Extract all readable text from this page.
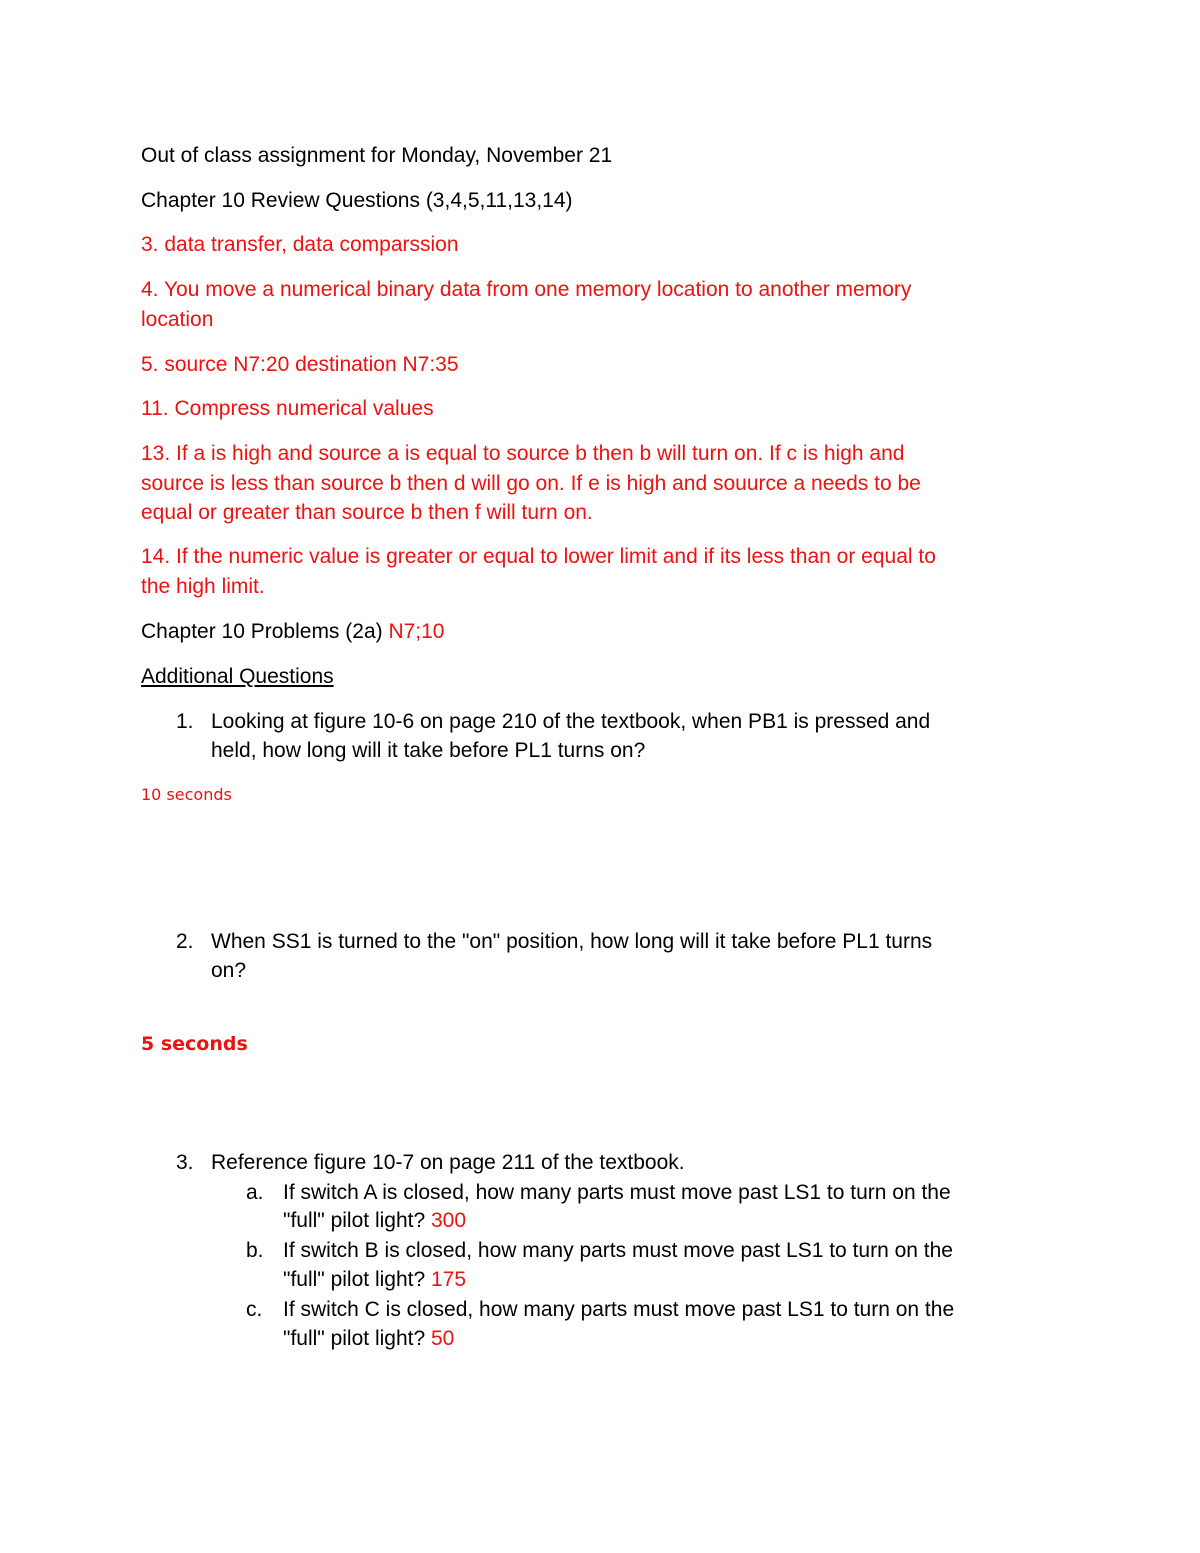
Out of class assignment for Monday, November 21
Chapter 10 Review Questions (3,4,5,11,13,14)
3. data transfer, data comparssion
4. You move a numerical binary data from one memory location to another memory
location
5. source N7:20 destination N7:35
11. Compress numerical values
13. If a is high and source a is equal to source b then b will turn on. If c is high and
source is less than source b then d will go on. If e is high and souurce a needs to be
equal or greater than source b then f will turn on.
14. If the numeric value is greater or equal to lower limit and if its less than or equal to
the high limit.
Chapter 10 Problems (2a) N7;10
Additional Questions
1. Looking at figure 10-6 on page 210 of the textbook, when PB1 is pressed and
held, how long will it take before PL1 turns on?
10 seconds
2. When SS1 is turned to the "on" position, how long will it take before PL1 turns
on?
5 seconds
3. Reference figure 10-7 on page 211 of the textbook.
a. If switch A is closed, how many parts must move past LS1 to turn on the
"full" pilot light? 300
b. If switch B is closed, how many parts must move past LS1 to turn on the
"full" pilot light? 175
c. If switch C is closed, how many parts must move past LS1 to turn on the
"full" pilot light? 50
